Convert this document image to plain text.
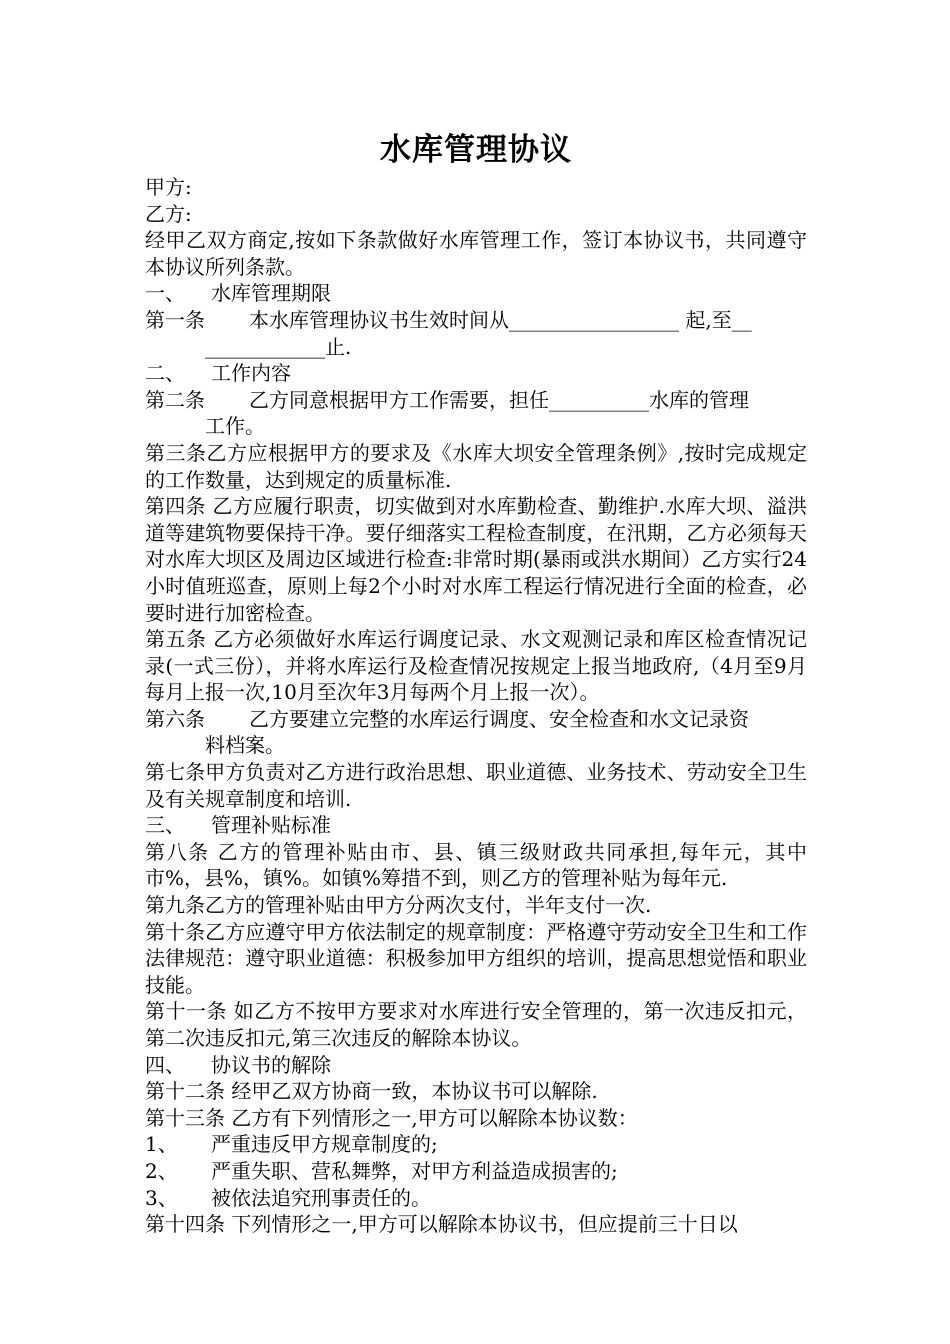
水库管理协议
甲方:
乙方:
经甲乙双方商定,按如下条款做好水库管理工作，签订本协议书，共同遵守本协议所列条款。
一、 水库管理期限
第一条 本水库管理协议书生效时间从_________________ 起,至__
____________止.
二、 工作内容
第二条 乙方同意根据甲方工作需要，担任__________水库的管理
工作。
第三条乙方应根据甲方的要求及《水库大坝安全管理条例》,按时完成规定的工作数量，达到规定的质量标准.
第四条 乙方应履行职责，切实做到对水库勤检查、勤维护.水库大坝、溢洪道等建筑物要保持干净。要仔细落实工程检查制度，在汛期，乙方必须每天对水库大坝区及周边区域进行检查:非常时期(暴雨或洪水期间）乙方实行24小时值班巡查，原则上每2个小时对水库工程运行情况进行全面的检查，必要时进行加密检查。
第五条 乙方必须做好水库运行调度记录、水文观测记录和库区检查情况记录(一式三份），并将水库运行及检查情况按规定上报当地政府,（4月至9月每月上报一次,10月至次年3月每两个月上报一次）。
第六条 乙方要建立完整的水库运行调度、安全检查和水文记录资
料档案。
第七条甲方负责对乙方进行政治思想、职业道德、业务技术、劳动安全卫生及有关规章制度和培训.
三、 管理补贴标准
第八条 乙方的管理补贴由市、县、镇三级财政共同承担,每年元，其中市%，县%，镇%。如镇%筹措不到，则乙方的管理补贴为每年元.
第九条乙方的管理补贴由甲方分两次支付，半年支付一次.
第十条乙方应遵守甲方依法制定的规章制度：严格遵守劳动安全卫生和工作法律规范：遵守职业道德：积极参加甲方组织的培训，提高思想觉悟和职业技能。
第十一条 如乙方不按甲方要求对水库进行安全管理的，第一次违反扣元，第二次违反扣元,第三次违反的解除本协议。
四、 协议书的解除
第十二条 经甲乙双方协商一致，本协议书可以解除.
第十三条 乙方有下列情形之一,甲方可以解除本协议数：
1、 严重违反甲方规章制度的;
2、 严重失职、营私舞弊，对甲方利益造成损害的;
3、 被依法追究刑事责任的。
第十四条 下列情形之一,甲方可以解除本协议书，但应提前三十日以
